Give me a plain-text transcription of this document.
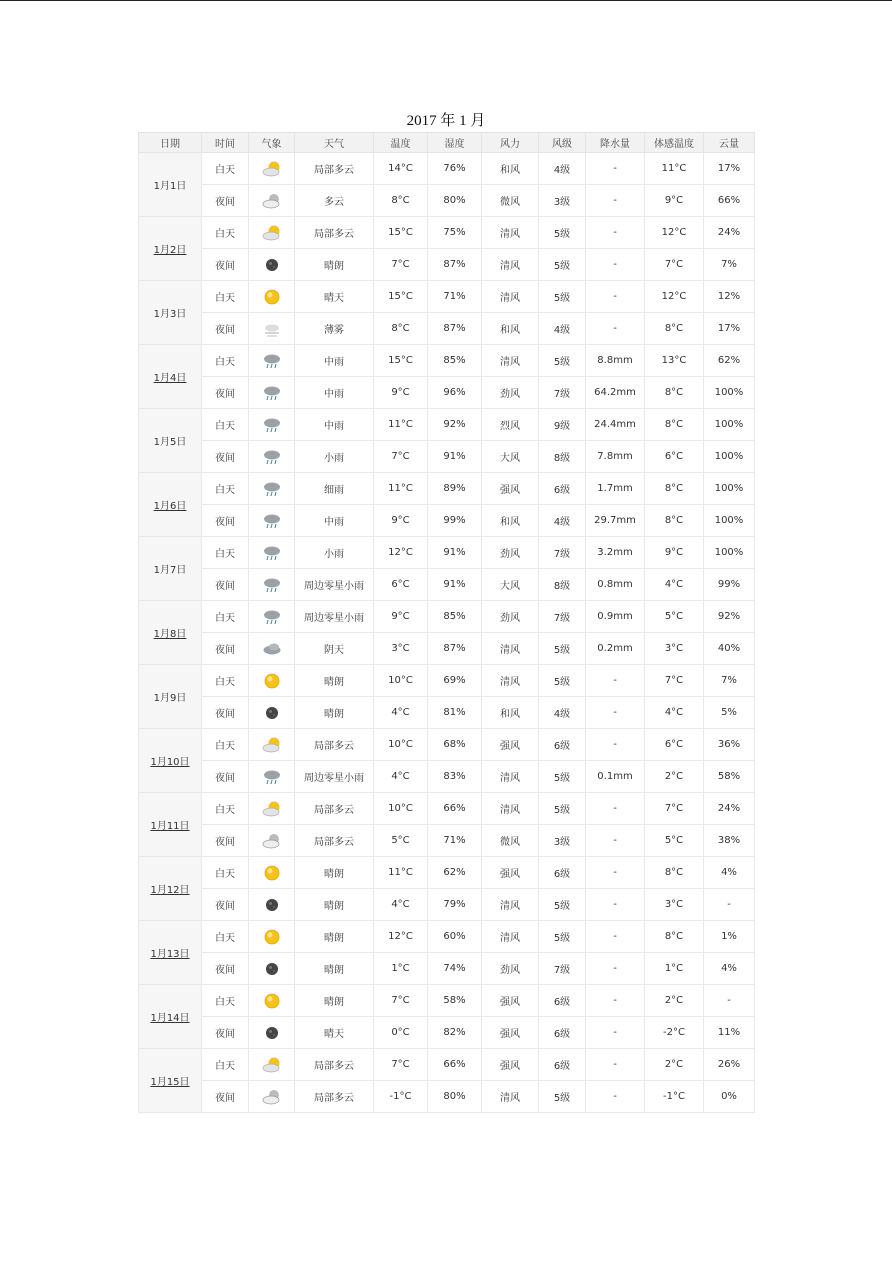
2017 年 1 月
日期	时间	气象	天气	温度	湿度	风力	风级	降水量	体感温度	云量
1月1日	白天		局部多云	14°C	76%	和风	4级	-	11°C	17%
	夜间		多云	8°C	80%	微风	3级	-	9°C	66%
1月2日	白天		局部多云	15°C	75%	清风	5级	-	12°C	24%
	夜间		晴朗	7°C	87%	清风	5级	-	7°C	7%
1月3日	白天		晴天	15°C	71%	清风	5级	-	12°C	12%
	夜间		薄雾	8°C	87%	和风	4级	-	8°C	17%
1月4日	白天		中雨	15°C	85%	清风	5级	8.8mm	13°C	62%
	夜间		中雨	9°C	96%	劲风	7级	64.2mm	8°C	100%
1月5日	白天		中雨	11°C	92%	烈风	9级	24.4mm	8°C	100%
	夜间		小雨	7°C	91%	大风	8级	7.8mm	6°C	100%
1月6日	白天		细雨	11°C	89%	强风	6级	1.7mm	8°C	100%
	夜间		中雨	9°C	99%	和风	4级	29.7mm	8°C	100%
1月7日	白天		小雨	12°C	91%	劲风	7级	3.2mm	9°C	100%
	夜间		周边零星小雨	6°C	91%	大风	8级	0.8mm	4°C	99%
1月8日	白天		周边零星小雨	9°C	85%	劲风	7级	0.9mm	5°C	92%
	夜间		阴天	3°C	87%	清风	5级	0.2mm	3°C	40%
1月9日	白天		晴朗	10°C	69%	清风	5级	-	7°C	7%
	夜间		晴朗	4°C	81%	和风	4级	-	4°C	5%
1月10日	白天		局部多云	10°C	68%	强风	6级	-	6°C	36%
	夜间		周边零星小雨	4°C	83%	清风	5级	0.1mm	2°C	58%
1月11日	白天		局部多云	10°C	66%	清风	5级	-	7°C	24%
	夜间		局部多云	5°C	71%	微风	3级	-	5°C	38%
1月12日	白天		晴朗	11°C	62%	强风	6级	-	8°C	4%
	夜间		晴朗	4°C	79%	清风	5级	-	3°C	-
1月13日	白天		晴朗	12°C	60%	清风	5级	-	8°C	1%
	夜间		晴朗	1°C	74%	劲风	7级	-	1°C	4%
1月14日	白天		晴朗	7°C	58%	强风	6级	-	2°C	-
	夜间		晴天	0°C	82%	强风	6级	-	-2°C	11%
1月15日	白天		局部多云	7°C	66%	强风	6级	-	2°C	26%
	夜间		局部多云	-1°C	80%	清风	5级	-	-1°C	0%
